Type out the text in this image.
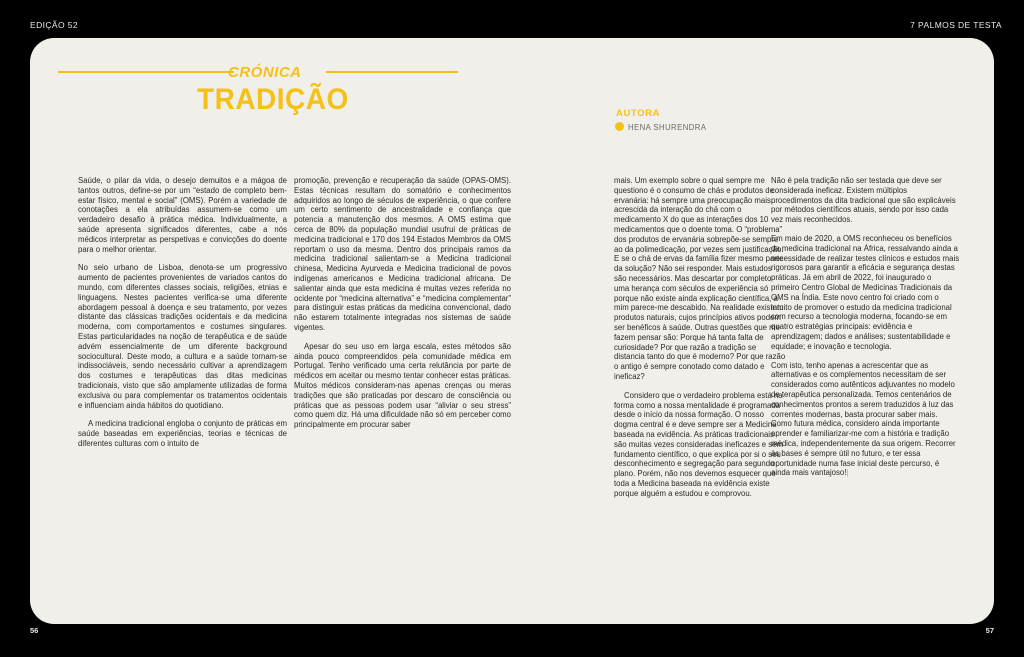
EDIÇÃO 52	7 PALMOS DE TESTA
CRÓNICA
TRADIÇÃO	AUTORA
HENA SHURENDRA

Saúde, o pilar da vida, o desejo demuitos e a mágoa de tantos outros, define-se por um “estado de completo bem-estar físico, mental e social” (OMS). Porém a variedade de conotações a ela atribuídas assumem-se como um verdadeiro desafio à prática médica. Individualmente, a saúde apresenta significados diferentes, cabe a nós médicos interpretar as perspetivas e convicções do doente para o melhor orientar.

No seio urbano de Lisboa, denota-se um progressivo aumento de pacientes provenientes de variados cantos do mundo, com diferentes classes sociais, religiões, etnias e linguagens. Nestes pacientes verifica-se uma diferente abordagem pessoal à doença e seu tratamento, por vezes distante das clássicas tradições ocidentais e da medicina moderna, com comportamentos e costumes singulares. Estas particularidades na noção de terapêutica e de saúde advém essencialmente de um diferente background sociocultural. Deste modo, a cultura e a saúde tornam-se indissociáveis, sendo necessário cultivar a aprendizagem dos costumes e terapêuticas das ditas medicinas tradicionais, visto que são amplamente utilizadas de forma exclusiva ou para complementar os tratamentos ocidentais e influenciam ainda hábitos do quotidiano.

A medicina tradicional engloba o conjunto de práticas em saúde baseadas em experiências, teorias e técnicas de diferentes culturas com o intuito de

promoção, prevenção e recuperação da saúde (OPAS-OMS). Estas técnicas resultam do somatório e conhecimentos adquiridos ao longo de séculos de experiência, o que confere um certo sentimento de ancestralidade e confiança que potencia a manutenção dos mesmos. A OMS estima que cerca de 80% da população mundial usufrui de práticas de medicina tradicional e 170 dos 194 Estados Membros da OMS reportam o uso da mesma. Dentro dos principais ramos da medicina tradicional salientam-se a Medicina tradicional chinesa, Medicina Ayurveda e Medicina tradicional de povos indígenas americanos e Medicina tradicional africana. De salientar ainda que esta medicina é muitas vezes referida no ocidente por “medicina alternativa” e “medicina complementar” para distinguir estas práticas da medicina convencional, dado não estarem totalmente integradas nos sistemas de saúde vigentes.

Apesar do seu uso em larga escala, estes métodos são ainda pouco compreendidos pela comunidade médica em Portugal. Tenho verificado uma certa relutância por parte de médicos em aceitar ou mesmo tentar conhecer estas práticas. Muitos médicos consideram-nas apenas crenças ou meras tradições que são praticadas por descaro de consciência ou práticas que as pessoas podem usar “aliviar o seu stress” como quem diz. Há uma dificuldade não só em perceber como principalmente em procurar saber

mais. Um exemplo sobre o qual sempre me questiono é o consumo de chás e produtos de ervanária: há sempre uma preocupação mais acrescida da interação do chá com o medicamento X do que as interações dos 10 medicamentos que o doente toma. O “problema” dos produtos de ervanária sobrepõe-se sempre ao da polimedicação, por vezes sem justificação. E se o chá de ervas da família fizer mesmo parte da solução? Não sei responder. Mais estudos são necessários. Mas descartar por completo uma herança com séculos de experiência só porque não existe ainda explicação científica, a mim parece-me descabido. Na realidade existem produtos naturais, cujos princípios ativos podem ser benéficos à saúde. Outras questões que me fazem pensar são: Porque há tanta falta de curiosidade? Por que razão a tradição se distancia tanto do que é moderno? Por que razão o antigo é sempre conotado como datado e ineficaz?

Considero que o verdadeiro problema está na forma como a nossa mentalidade é programada desde o início da nossa formação. O nosso dogma central é e deve sempre ser a Medicina baseada na evidência. As práticas tradicionais são muitas vezes consideradas ineficazes e sem fundamento científico, o que explica por si o seu desconhecimento e segregação para segundo plano. Porém, não nos devemos esquecer que toda a Medicina baseada na evidência existe porque alguém a estudou e comprovou.

Não é pela tradição não ser testada que deve ser considerada ineficaz. Existem múltiplos procedimentos da dita tradicional que são explicáveis por métodos científicos atuais, sendo por isso cada vez mais reconhecidos.

Em maio de 2020, a OMS reconheceu os benefícios da medicina tradicional na África, ressalvando ainda a necessidade de realizar testes clínicos e estudos mais rigorosos para garantir a eficácia e segurança destas práticas. Já em abril de 2022, foi inaugurado o primeiro Centro Global de Medicinas Tradicionais da OMS na Índia. Este novo centro foi criado com o intuito de promover o estudo da medicina tradicional com recurso a tecnologia moderna, focando-se em quatro estratégias principais: evidência e aprendizagem; dados e análises; sustentabilidade e equidade; e inovação e tecnologia.

Com isto, tenho apenas a acrescentar que as alternativas e os complementos necessitam de ser considerados como autênticos adjuvantes no modelo de terapêutica personalizada. Temos centenários de conhecimentos prontos a serem traduzidos à luz das correntes modernas, basta procurar saber mais. Como futura médica, considero ainda importante aprender e familiarizar-me com a história e tradição médica, independentemente da sua origem. Recorrer às bases é sempre útil no futuro, e ter essa oportunidade numa fase inicial deste percurso, é ainda mais vantajoso!|

56	57
